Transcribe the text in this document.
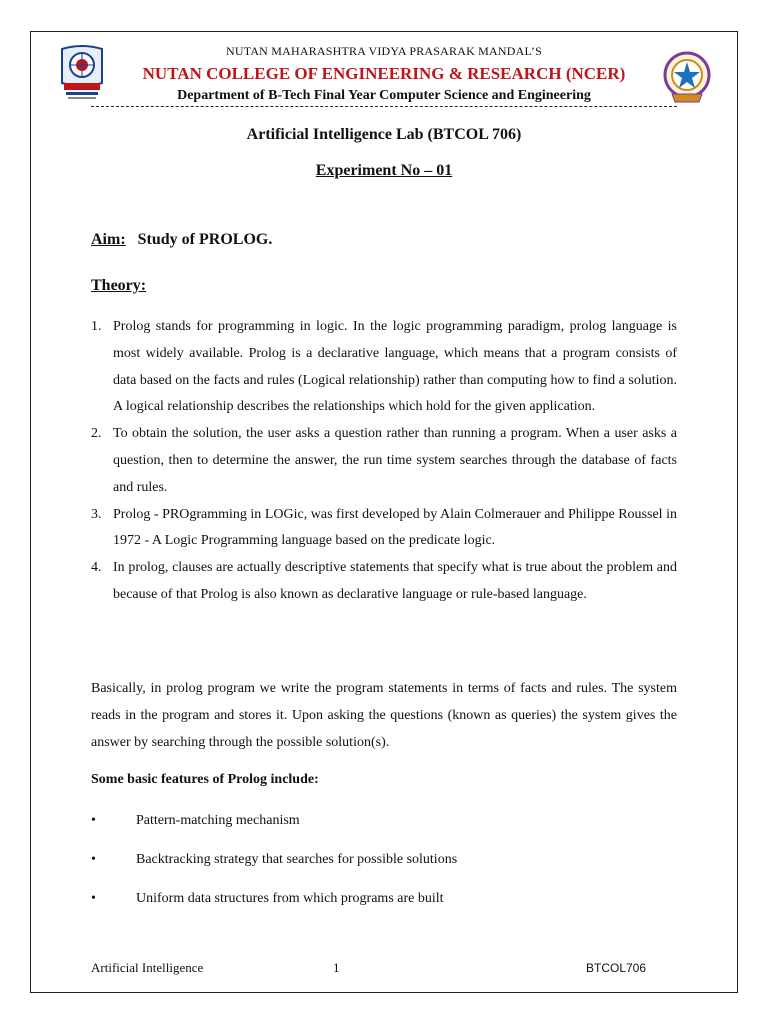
NUTAN MAHARASHTRA VIDYA PRASARAK MANDAL’S
NUTAN COLLEGE OF ENGINEERING & RESEARCH (NCER)
Department of B-Tech Final Year Computer Science and Engineering
Artificial Intelligence Lab (BTCOL 706)
Experiment No – 01
Aim: Study of PROLOG.
Theory:
1. Prolog stands for programming in logic. In the logic programming paradigm, prolog language is most widely available. Prolog is a declarative language, which means that a program consists of data based on the facts and rules (Logical relationship) rather than computing how to find a solution. A logical relationship describes the relationships which hold for the given application.
2. To obtain the solution, the user asks a question rather than running a program. When a user asks a question, then to determine the answer, the run time system searches through the database of facts and rules.
3. Prolog - PROgramming in LOGic, was first developed by Alain Colmerauer and Philippe Roussel in 1972 - A Logic Programming language based on the predicate logic.
4. In prolog, clauses are actually descriptive statements that specify what is true about the problem and because of that Prolog is also known as declarative language or rule-based language.

Basically, in prolog program we write the program statements in terms of facts and rules. The system reads in the program and stores it. Upon asking the questions (known as queries) the system gives the answer by searching through the possible solution(s).

Some basic features of Prolog include:
•	Pattern-matching mechanism
•	Backtracking strategy that searches for possible solutions
•	Uniform data structures from which programs are built
Artificial Intelligence	1	BTCOL706
